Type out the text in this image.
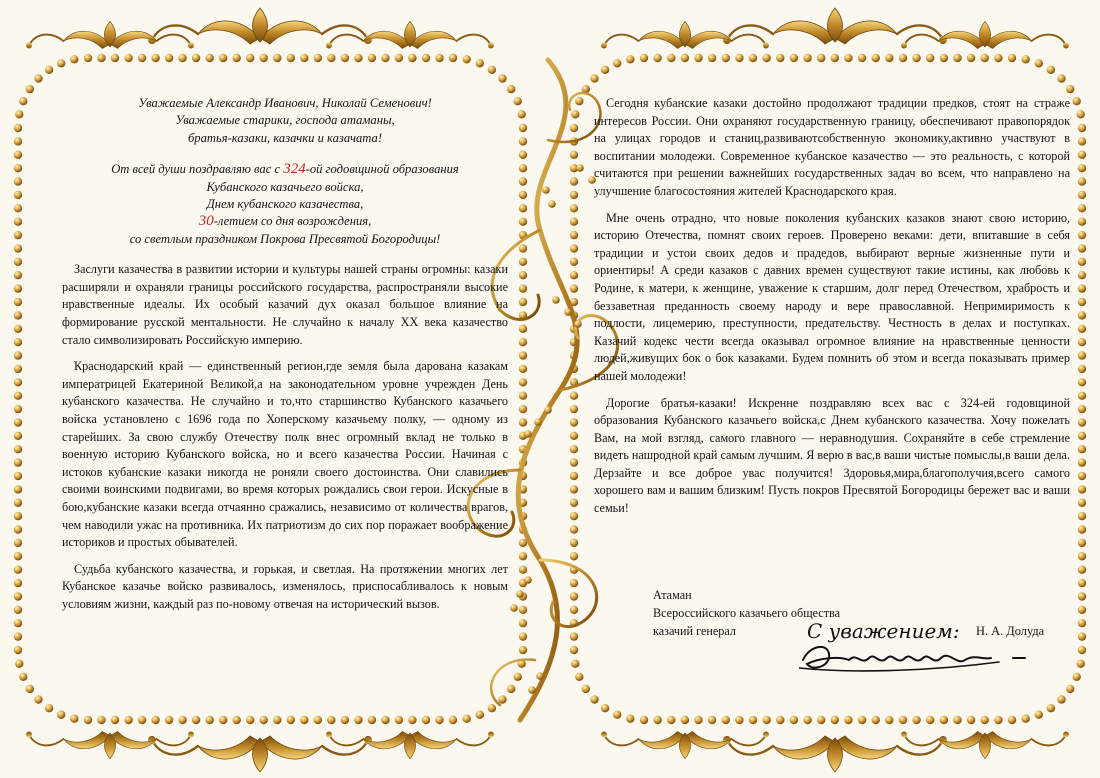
Уважаемые Александр Иванович, Николай Семенович!
Уважаемые старики, господа атаманы,
братья-казаки, казачки и казачата!
От всей души поздравляю вас с 324-ой годовщиной образования
Кубанского казачьего войска,
Днем кубанского казачества,
30-летием со дня возрождения,
со светлым праздником Покрова Пресвятой Богородицы!

Заслуги казачества в развитии истории и культуры нашей страны огромны: казаки расширяли и охраняли границы российского государства, распространяли высокие нравственные идеалы. Их особый казачий дух оказал большое влияние на формирование русской ментальности. Не случайно к началу XX века казачество стало символизировать Российскую империю.

Краснодарский край — единственный регион,где земля была дарована казакам императрицей Екатериной Великой,а на законодательном уровне учрежден День кубанского казачества. Не случайно и то,что старшинство Кубанского казачьего войска установлено с 1696 года по Хоперскому казачьему полку, — одному из старейших. За свою службу Отечеству полк внес огромный вклад не только в военную историю Кубанского войска, но и всего казачества России. Начиная с истоков кубанские казаки никогда не роняли своего достоинства. Они славились своими воинскими подвигами, во время которых рождались свои герои. Искусные в бою,кубанские казаки всегда отчаянно сражались, независимо от количества врагов, чем наводили ужас на противника. Их патриотизм до сих пор поражает воображение историков и простых обывателей.

Судьба кубанского казачества, и горькая, и светлая. На протяжении многих лет Кубанское казачье войско развивалось, изменялось, приспосабливалось к новым условиям жизни, каждый раз по-новому отвечая на исторический вызов.

Сегодня кубанские казаки достойно продолжают традиции предков, стоят на страже интересов России. Они охраняют государственную границу, обеспечивают правопорядок на улицах городов и станиц,развиваютсобственную экономику,активно участвуют в воспитании молодежи. Современное кубанское казачество — это реальность, с которой считаются при решении важнейших государственных задач во всем, что направлено на улучшение благосостояния жителей Краснодарского края.

Мне очень отрадно, что новые поколения кубанских казаков знают свою историю, историю Отечества, помнят своих героев. Проверено веками: дети, впитавшие в себя традиции и устои своих дедов и прадедов, выбирают верные жизненные пути и ориентиры! А среди казаков с давних времен существуют такие истины, как любовь к Родине, к матери, к женщине, уважение к старшим, долг перед Отечеством, храбрость и беззаветная преданность своему народу и вере православной. Непримиримость к подлости, лицемерию, преступности, предательству. Честность в делах и поступках. Казачий кодекс чести всегда оказывал огромное влияние на нравственные ценности людей,живущих бок о бок казаками. Будем помнить об этом и всегда показывать пример нашей молодежи!

Дорогие братья-казаки! Искренне поздравляю всех вас с 324-ей годовщиной образования Кубанского казачьего войска,с Днем кубанского казачества. Хочу пожелать Вам, на мой взгляд, самого главного — неравнодушия. Сохраняйте в себе стремление видеть нашродной край самым лучшим. Я верю в вас,в ваши чистые помыслы,в ваши дела. Дерзайте и все доброе увас получится! Здоровья,мира,благополучия,всего самого хорошего вам и вашим близким! Пусть покров Пресвятой Богородицы бережет вас и ваши семьи!

Атаман
Всероссийского казачьего общества
казачий генерал	Н. А. Долуда
С уважением:
